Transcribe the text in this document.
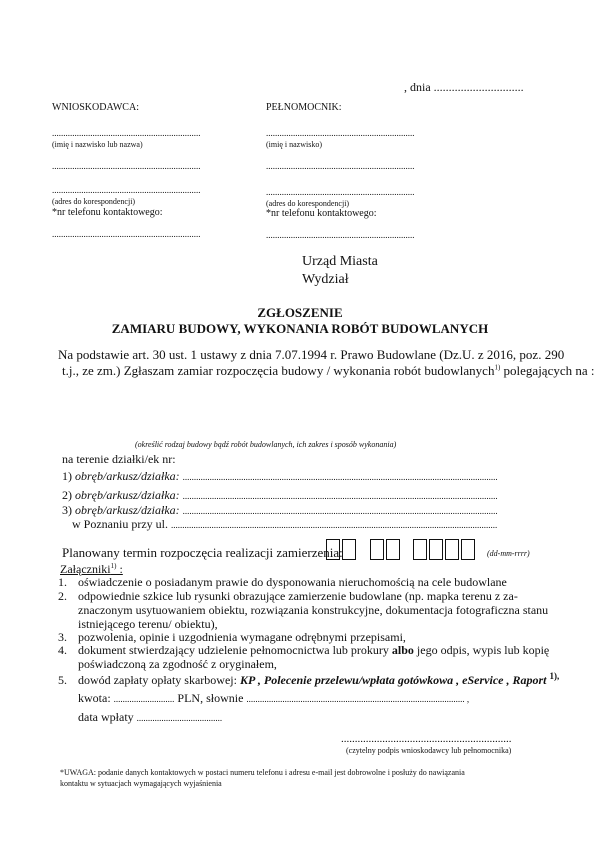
, dnia ..............................
WNIOSKODAWCA:
..................................................................
(imię i nazwisko lub nazwa)
..................................................................
..................................................................
(adres do korespondencji)
*nr telefonu kontaktowego:
..................................................................
PEŁNOMOCNIK:
..................................................................
(imię i nazwisko)
..................................................................
..................................................................
(adres do korespondencji)
*nr telefonu kontaktowego:
..................................................................
Urząd Miasta
Wydział
ZGŁOSZENIE
ZAMIARU BUDOWY, WYKONANIA ROBÓT BUDOWLANYCH
Na podstawie art. 30 ust. 1 ustawy z dnia 7.07.1994 r. Prawo Budowlane (Dz.U. z 2016, poz. 290
t.j., ze zm.) Zgłaszam zamiar rozpoczęcia budowy / wykonania robót budowlanych$^{1)}$ polegających na :
(określić rodzaj budowy bądź robót budowlanych, ich zakres i sposób wykonania)
na terenie działki/ek nr:
1) obręb/arkusz/działka: ............................................................................................................................................
2) obręb/arkusz/działka: ............................................................................................................................................
3) obręb/arkusz/działka: ............................................................................................................................................
w Poznaniu przy ul. .................................................................................................................................................
Planowany termin rozpoczęcia realizacji zamierzenia:	(dd-mm-rrrr)
Załączniki$^{1)}$ :
1. oświadczenie o posiadanym prawie do dysponowania nieruchomością na cele budowlane
2. odpowiednie szkice lub rysunki obrazujące zamierzenie budowlane (np. mapka terenu z za-
znaczonym usytuowaniem obiektu, rozwiązania konstrukcyjne, dokumentacja fotograficzna stanu
istniejącego terenu/ obiektu),
3. pozwolenia, opinie i uzgodnienia wymagane odrębnymi przepisami,
4. dokument stwierdzający udzielenie pełnomocnictwa lub prokury albo jego odpis, wypis lub kopię
poświadczoną za zgodność z oryginałem,
5. dowód zapłaty opłaty skarbowej: KP , Polecenie przelewu/wpłata gotówkowa , eService , Raport $^{1),}$
kwota: ........................... PLN, słownie ................................................................................................. ,
data wpłaty ......................................
..............................................................
(czytelny podpis wnioskodawcy lub pełnomocnika)
*UWAGA: podanie danych kontaktowych w postaci numeru telefonu i adresu e-mail jest dobrowolne i posłuży do nawiązania
kontaktu w sytuacjach wymagających wyjaśnienia
